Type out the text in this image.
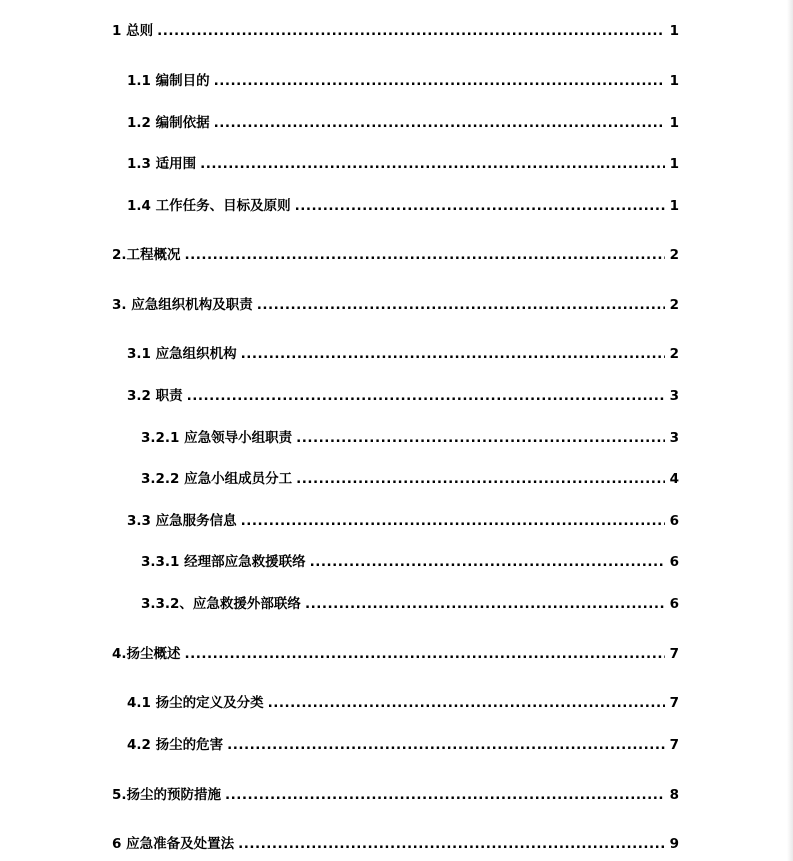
1 总则 .....	1
1.1 编制目的 .....	1
1.2 编制依据 .....	1
1.3 适用围 .....	1
1.4 工作任务、目标及原则 .....	1
2.工程概况 .....	2
3. 应急组织机构及职责 .....	2
3.1 应急组织机构 .....	2
3.2 职责 .....	3
3.2.1 应急领导小组职责 .....	3
3.2.2 应急小组成员分工 .....	4
3.3 应急服务信息 .....	6
3.3.1 经理部应急救援联络 .....	6
3.3.2、应急救援外部联络 .....	6
4.扬尘概述 .....	7
4.1 扬尘的定义及分类 .....	7
4.2 扬尘的危害 .....	7
5.扬尘的预防措施 .....	8
6 应急准备及处置法 .....	9
